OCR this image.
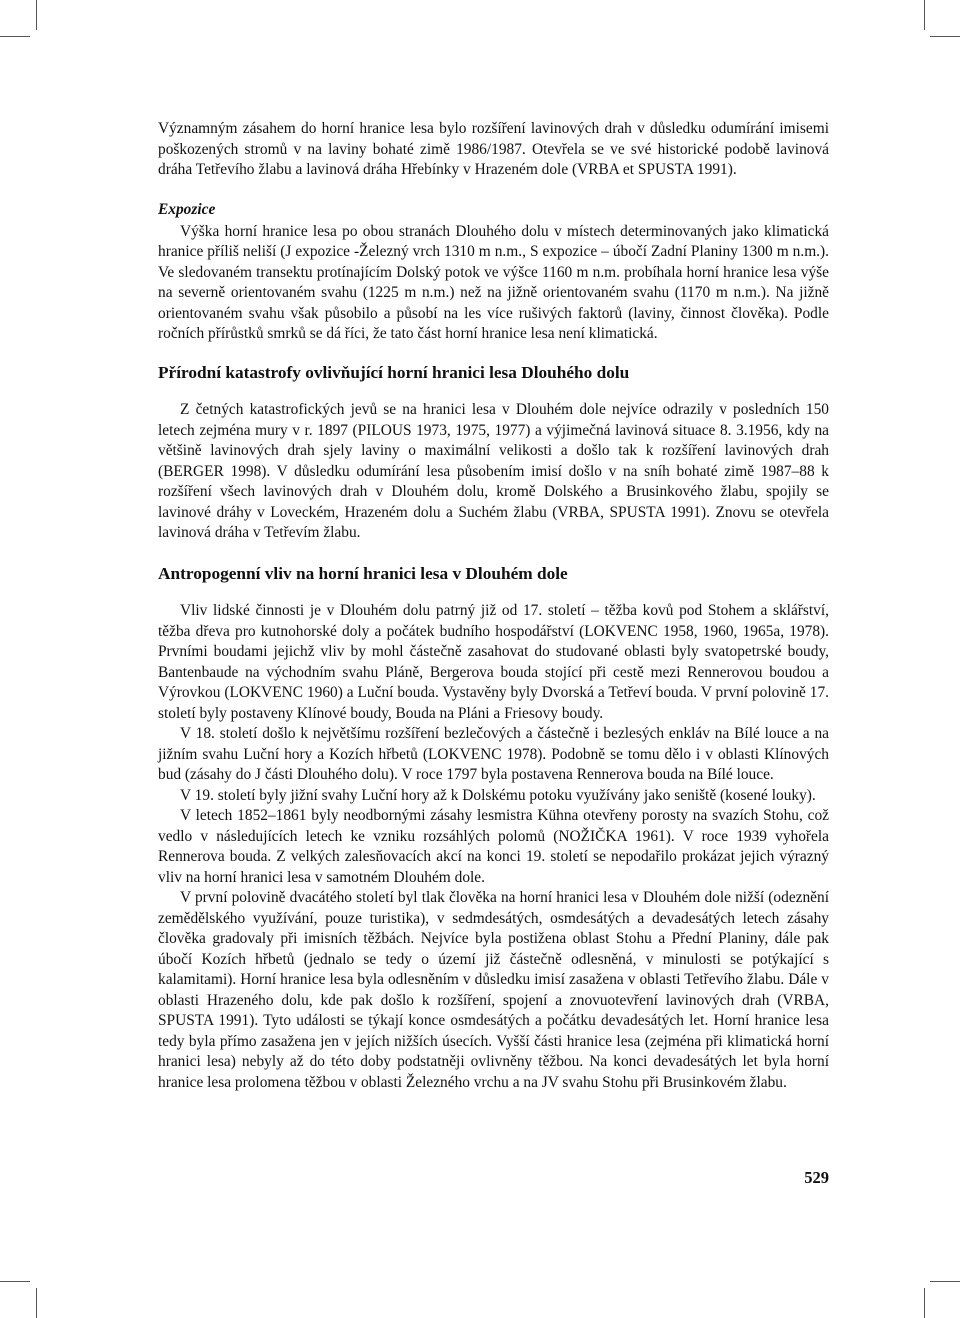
Významným zásahem do horní hranice lesa bylo rozšíření lavinových drah v důsledku odumírání imisemi poškozených stromů v na laviny bohaté zimě 1986/1987. Otevřela se ve své historické podobě lavinová dráha Tetřevího žlabu a lavinová dráha Hřebínky v Hrazeném dole (VRBA et SPUSTA 1991).

Expozice

Výška horní hranice lesa po obou stranách Dlouhého dolu v místech determinovaných jako klimatická hranice příliš neliší (J expozice -Železný vrch 1310 m n.m., S expozice – úbočí Zadní Planiny 1300 m n.m.). Ve sledovaném transektu protínajícím Dolský potok ve výšce 1160 m n.m. probíhala horní hranice lesa výše na severně orientovaném svahu (1225 m n.m.) než na jižně orientovaném svahu (1170 m n.m.). Na jižně orientovaném svahu však působilo a působí na les více rušivých faktorů (laviny, činnost člověka). Podle ročních přírůstků smrků se dá říci, že tato část horní hranice lesa není klimatická.

Přírodní katastrofy ovlivňující horní hranici lesa Dlouhého dolu

Z četných katastrofických jevů se na hranici lesa v Dlouhém dole nejvíce odrazily v posledních 150 letech zejména mury v r. 1897 (PILOUS 1973, 1975, 1977) a výjimečná lavinová situace 8. 3.1956, kdy na většině lavinových drah sjely laviny o maximální velikosti a došlo tak k rozšíření lavinových drah (BERGER 1998). V důsledku odumírání lesa působením imisí došlo v na sníh bohaté zimě 1987–88 k rozšíření všech lavinových drah v Dlouhém dolu, kromě Dolského a Brusinkového žlabu, spojily se lavinové dráhy v Loveckém, Hrazeném dolu a Suchém žlabu (VRBA, SPUSTA 1991). Znovu se otevřela lavinová dráha v Tetřevím žlabu.

Antropogenní vliv na horní hranici lesa v Dlouhém dole

Vliv lidské činnosti je v Dlouhém dolu patrný již od 17. století – těžba kovů pod Stohem a sklářství, těžba dřeva pro kutnohorské doly a počátek budního hospodářství (LOKVENC 1958, 1960, 1965a, 1978). Prvními boudami jejichž vliv by mohl částečně zasahovat do studované oblasti byly svatopetrské boudy, Bantenbaude na východním svahu Pláně, Bergerova bouda stojící při cestě mezi Rennerovou boudou a Výrovkou (LOKVENC 1960) a Luční bouda. Vystavěny byly Dvorská a Tetřeví bouda. V první polovině 17. století byly postaveny Klínové boudy, Bouda na Pláni a Friesovy boudy.

V 18. století došlo k největšímu rozšíření bezlečových a částečně i bezlesých enkláv na Bílé louce a na jižním svahu Luční hory a Kozích hřbetů (LOKVENC 1978). Podobně se tomu dělo i v oblasti Klínových bud (zásahy do J části Dlouhého dolu). V roce 1797 byla postavena Rennerova bouda na Bílé louce.

V 19. století byly jižní svahy Luční hory až k Dolskému potoku využívány jako seniště (kosené louky).

V letech 1852–1861 byly neodbornými zásahy lesmistra Kühna otevřeny porosty na svazích Stohu, což vedlo v následujících letech ke vzniku rozsáhlých polomů (NOŽIČKA 1961). V roce 1939 vyhořela Rennerova bouda. Z velkých zalesňovacích akcí na konci 19. století se nepodařilo prokázat jejich výrazný vliv na horní hranici lesa v samotném Dlouhém dole.

V první polovině dvacátého století byl tlak člověka na horní hranici lesa v Dlouhém dole nižší (odeznění zemědělského využívání, pouze turistika), v sedmdesátých, osmdesátých a devadesátých letech zásahy člověka gradovaly při imisních těžbách. Nejvíce byla postižena oblast Stohu a Přední Planiny, dále pak úbočí Kozích hřbetů (jednalo se tedy o území již částečně odlesněná, v minulosti se potýkající s kalamitami). Horní hranice lesa byla odlesněním v důsledku imisí zasažena v oblasti Tetřevího žlabu. Dále v oblasti Hrazeného dolu, kde pak došlo k rozšíření, spojení a znovuotevření lavinových drah (VRBA, SPUSTA 1991). Tyto události se týkají konce osmdesátých a počátku devadesátých let. Horní hranice lesa tedy byla přímo zasažena jen v jejích nižších úsecích. Vyšší části hranice lesa (zejména při klimatická horní hranici lesa) nebyly až do této doby podstatněji ovlivněny těžbou. Na konci devadesátých let byla horní hranice lesa prolomena těžbou v oblasti Železného vrchu a na JV svahu Stohu při Brusinkovém žlabu.

529
